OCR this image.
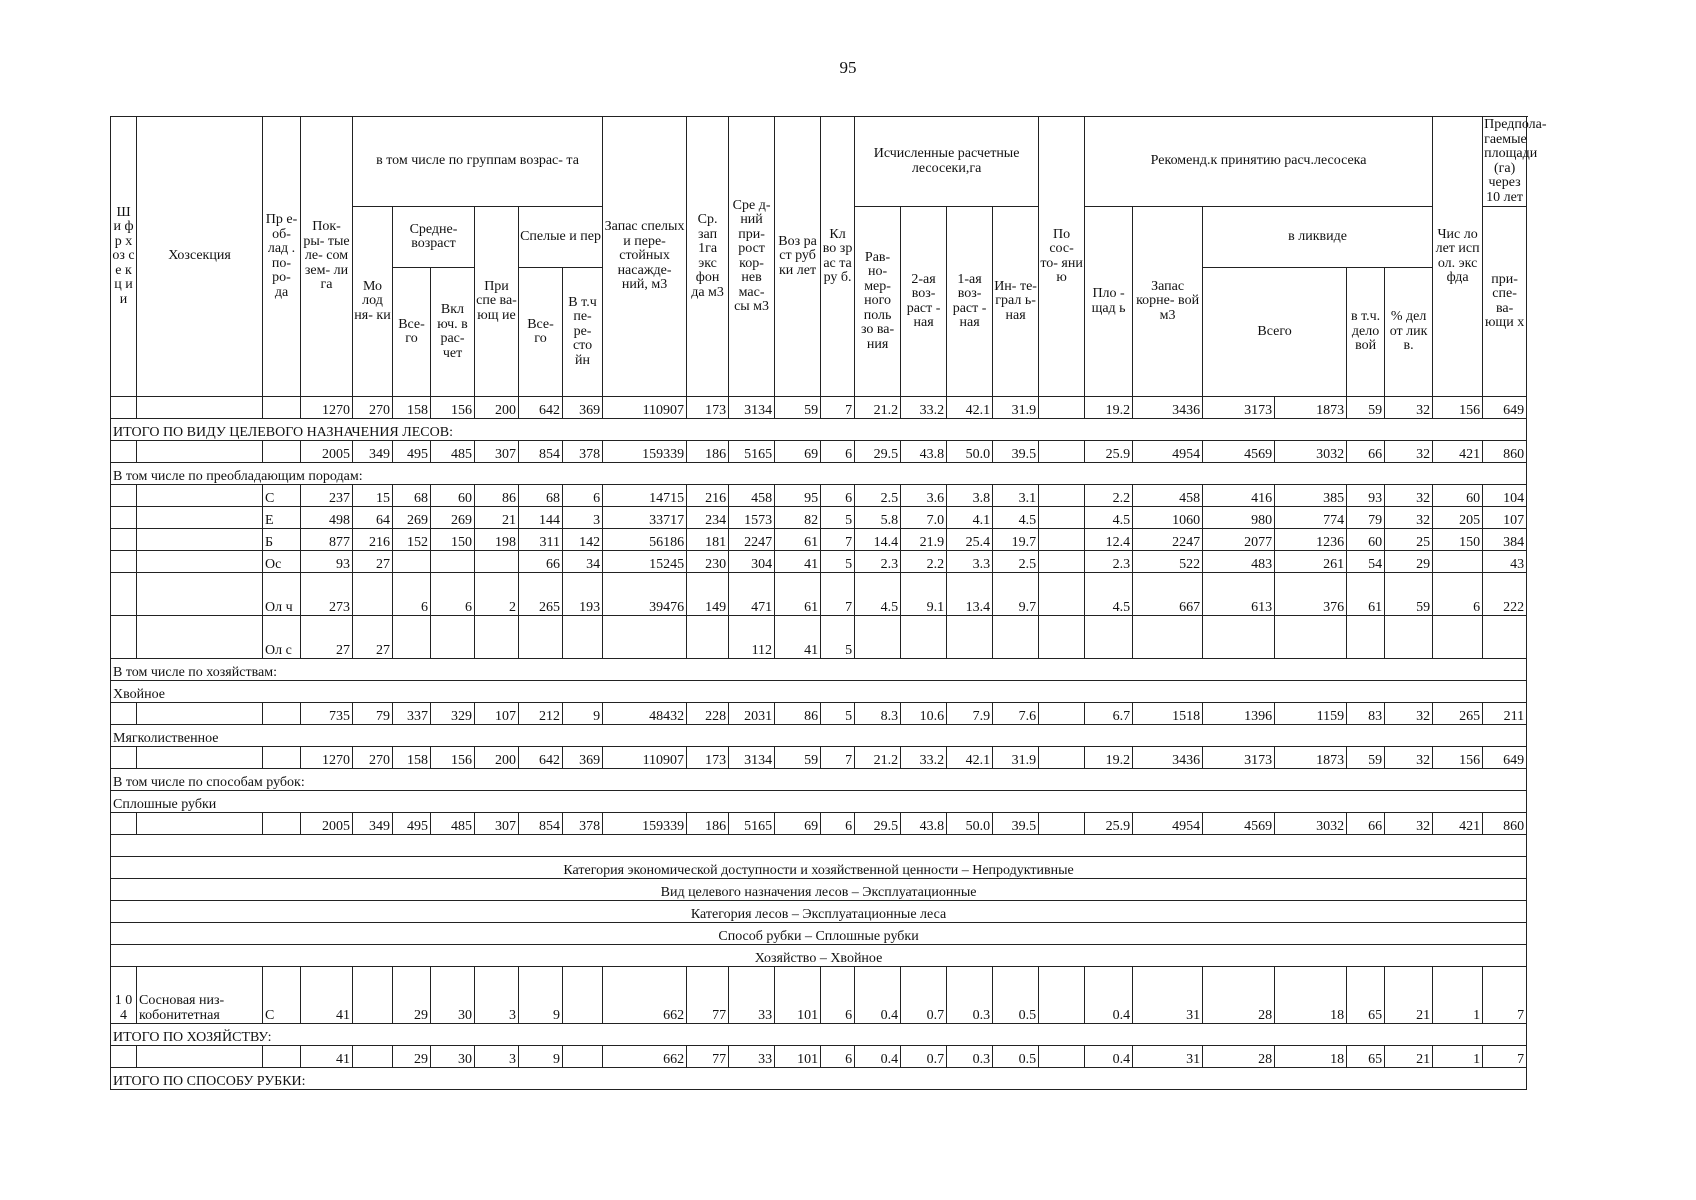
95
Ш и ф р х оз се к ц и и	Хозсекция	Пр е- об- лад . по- ро- да	Пок- ры- тые ле- сом зем- ли га	в том числе по группам возрас- та						Запас спелых и пере- стойных насажде- ний, м3	Ср. зап 1га экс фон да м3	Сре д- ний при- рост кор- нев мас- сы м3	Воз ра ст руб ки лет	Кл во зр ас та ру б.	Исчисленные расчетные лесосеки,га				По сос- то- яни ю	Рекоменд.к принятию расч.лесосека						Чис ло лет исп ол. экс фда	Предпола- гаемые площади (га) через 10 лет	
				Мо лод ня- ки	Средне- возраст		При спе ва- ющ ие	Спелые и пер							Рав- но- мер- ного поль зо ва- ния	2-ая воз- раст - ная	1-ая воз- раст - ная	Ин- те- грал ь- ная		Пло - щад ь	Запас корне- вой м3	в ликвиде					при- спе- ва- ющи х	
					Все- го	Вкл юч. в рас- чет		Все- го	В т.ч пе- ре- сто йн													Всего		в т.ч. дело вой	% дел от лик в.			
			1270	270	158	156	200	642	369	110907	173	3134	59	7	21.2	33.2	42.1	31.9		19.2	3436	3173	1873	59	32	156	649	
ИТОГО ПО ВИДУ ЦЕЛЕВОГО НАЗНАЧЕНИЯ ЛЕСОВ:																												
			2005	349	495	485	307	854	378	159339	186	5165	69	6	29.5	43.8	50.0	39.5		25.9	4954	4569	3032	66	32	421	860	
В том числе по преобладающим породам:																												
		С	237	15	68	60	86	68	6	14715	216	458	95	6	2.5	3.6	3.8	3.1		2.2	458	416	385	93	32	60	104	
		Е	498	64	269	269	21	144	3	33717	234	1573	82	5	5.8	7.0	4.1	4.5		4.5	1060	980	774	79	32	205	107	
		Б	877	216	152	150	198	311	142	56186	181	2247	61	7	14.4	21.9	25.4	19.7		12.4	2247	2077	1236	60	25	150	384	
		Ос	93	27				66	34	15245	230	304	41	5	2.3	2.2	3.3	2.5		2.3	522	483	261	54	29		43	
		Ол ч	273		6	6	2	265	193	39476	149	471	61	7	4.5	9.1	13.4	9.7		4.5	667	613	376	61	59	6	222	
		Ол с	27	27								112	41	5														
В том числе по хозяйствам:																												
Хвойное																												
			735	79	337	329	107	212	9	48432	228	2031	86	5	8.3	10.6	7.9	7.6		6.7	1518	1396	1159	83	32	265	211	
Мягколиственное																												
			1270	270	158	156	200	642	369	110907	173	3134	59	7	21.2	33.2	42.1	31.9		19.2	3436	3173	1873	59	32	156	649	
В том числе по способам рубок:																												
Сплошные рубки																												
			2005	349	495	485	307	854	378	159339	186	5165	69	6	29.5	43.8	50.0	39.5		25.9	4954	4569	3032	66	32	421	860	

Категория экономической доступности и хозяйственной ценности – Непродуктивные																												
Вид целевого назначения лесов – Эксплуатационные																												
Категория лесов – Эксплуатационные леса																												
Способ рубки – Сплошные рубки																												
Хозяйство – Хвойное																												
1 0 4	Сосновая низ- кобонитетная	С	41		29	30	3	9		662	77	33	101	6	0.4	0.7	0.3	0.5		0.4	31	28	18	65	21	1	7	
ИТОГО ПО ХОЗЯЙСТВУ:																												
			41		29	30	3	9		662	77	33	101	6	0.4	0.7	0.3	0.5		0.4	31	28	18	65	21	1	7	
ИТОГО ПО СПОСОБУ РУБКИ:																												
